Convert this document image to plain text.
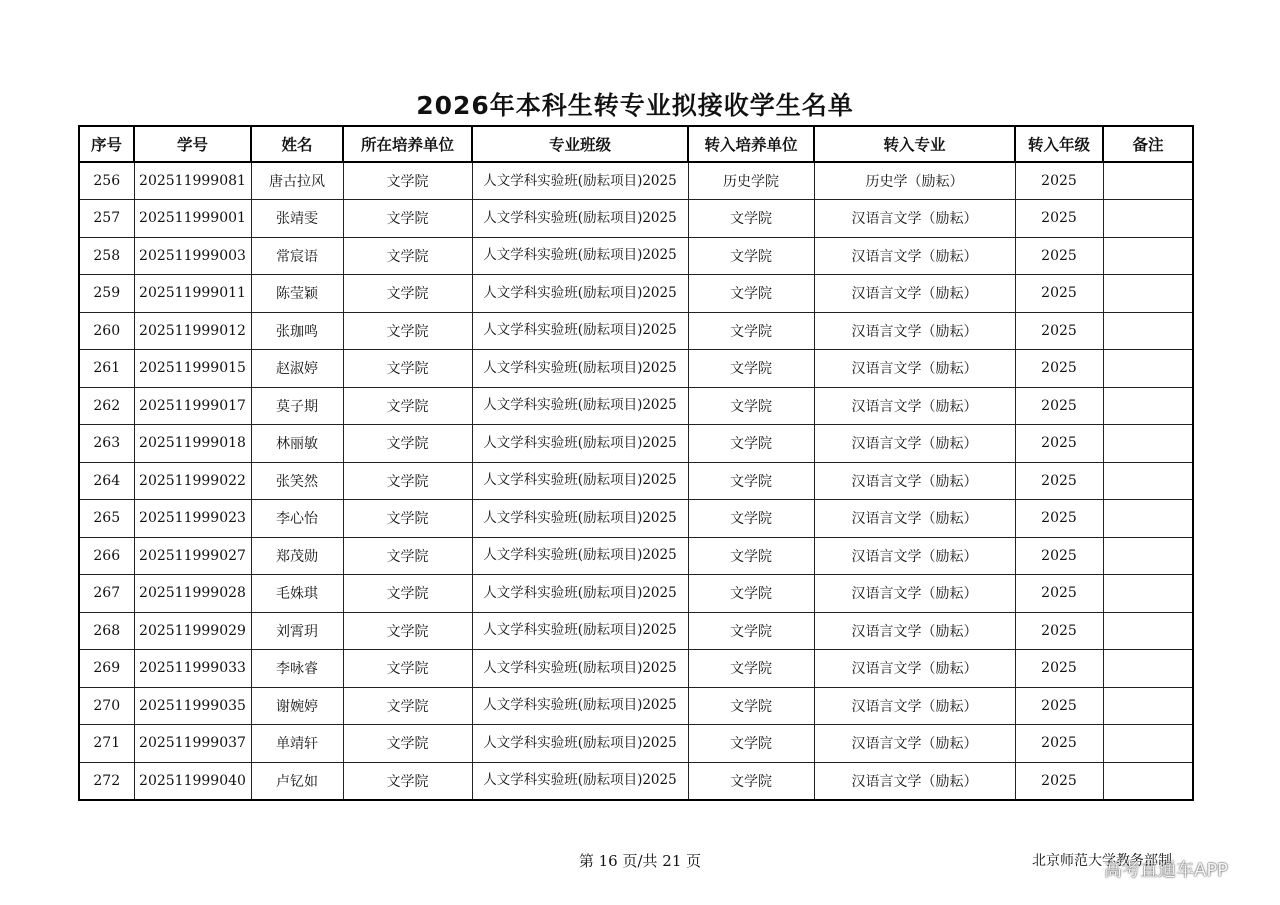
2026年本科生转专业拟接收学生名单
序号	学号	姓名	所在培养单位	专业班级	转入培养单位	转入专业	转入年级	备注
256	202511999081	唐古拉风	文学院	人文学科实验班(励耘项目)2025	历史学院	历史学（励耘）	2025	
257	202511999001	张靖雯	文学院	人文学科实验班(励耘项目)2025	文学院	汉语言文学（励耘）	2025	
258	202511999003	常宸语	文学院	人文学科实验班(励耘项目)2025	文学院	汉语言文学（励耘）	2025	
259	202511999011	陈莹颖	文学院	人文学科实验班(励耘项目)2025	文学院	汉语言文学（励耘）	2025	
260	202511999012	张珈鸣	文学院	人文学科实验班(励耘项目)2025	文学院	汉语言文学（励耘）	2025	
261	202511999015	赵淑婷	文学院	人文学科实验班(励耘项目)2025	文学院	汉语言文学（励耘）	2025	
262	202511999017	莫子期	文学院	人文学科实验班(励耘项目)2025	文学院	汉语言文学（励耘）	2025	
263	202511999018	林丽敏	文学院	人文学科实验班(励耘项目)2025	文学院	汉语言文学（励耘）	2025	
264	202511999022	张笑然	文学院	人文学科实验班(励耘项目)2025	文学院	汉语言文学（励耘）	2025	
265	202511999023	李心怡	文学院	人文学科实验班(励耘项目)2025	文学院	汉语言文学（励耘）	2025	
266	202511999027	郑茂勋	文学院	人文学科实验班(励耘项目)2025	文学院	汉语言文学（励耘）	2025	
267	202511999028	毛姝琪	文学院	人文学科实验班(励耘项目)2025	文学院	汉语言文学（励耘）	2025	
268	202511999029	刘霄玥	文学院	人文学科实验班(励耘项目)2025	文学院	汉语言文学（励耘）	2025	
269	202511999033	李咏睿	文学院	人文学科实验班(励耘项目)2025	文学院	汉语言文学（励耘）	2025	
270	202511999035	谢婉婷	文学院	人文学科实验班(励耘项目)2025	文学院	汉语言文学（励耘）	2025	
271	202511999037	单靖轩	文学院	人文学科实验班(励耘项目)2025	文学院	汉语言文学（励耘）	2025	
272	202511999040	卢钇如	文学院	人文学科实验班(励耘项目)2025	文学院	汉语言文学（励耘）	2025	
第 16 页/共 21 页	北京师范大学教务部制
高考直通车APP
